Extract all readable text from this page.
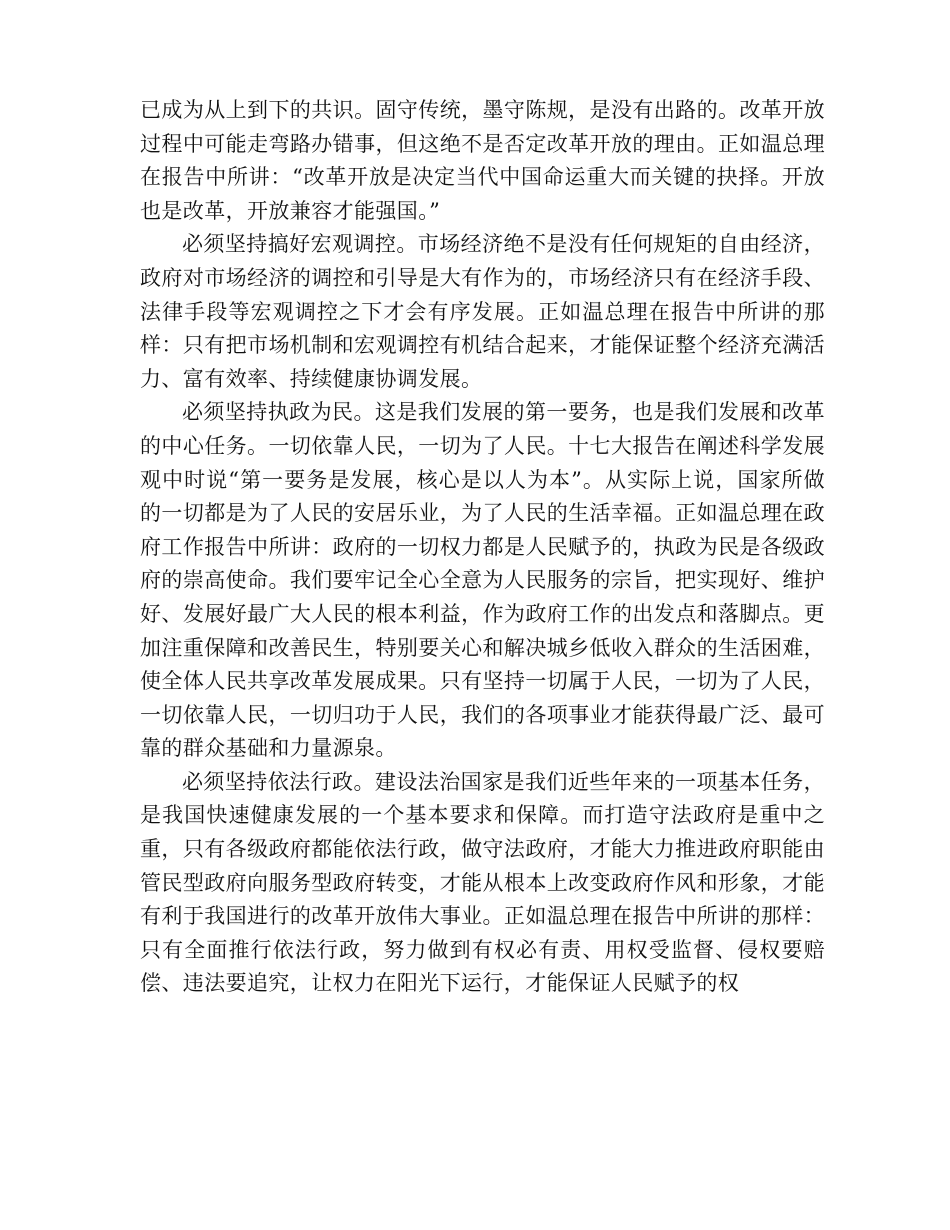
已成为从上到下的共识。固守传统，墨守陈规，是没有出路的。改革开放过程中可能走弯路办错事，但这绝不是否定改革开放的理由。正如温总理在报告中所讲：“改革开放是决定当代中国命运重大而关键的抉择。开放也是改革，开放兼容才能强国。”

必须坚持搞好宏观调控。市场经济绝不是没有任何规矩的自由经济，政府对市场经济的调控和引导是大有作为的，市场经济只有在经济手段、法律手段等宏观调控之下才会有序发展。正如温总理在报告中所讲的那样：只有把市场机制和宏观调控有机结合起来，才能保证整个经济充满活力、富有效率、持续健康协调发展。

必须坚持执政为民。这是我们发展的第一要务，也是我们发展和改革的中心任务。一切依靠人民，一切为了人民。十七大报告在阐述科学发展观中时说“第一要务是发展，核心是以人为本”。从实际上说，国家所做的一切都是为了人民的安居乐业，为了人民的生活幸福。正如温总理在政府工作报告中所讲：政府的一切权力都是人民赋予的，执政为民是各级政府的崇高使命。我们要牢记全心全意为人民服务的宗旨，把实现好、维护好、发展好最广大人民的根本利益，作为政府工作的出发点和落脚点。更加注重保障和改善民生，特别要关心和解决城乡低收入群众的生活困难，使全体人民共享改革发展成果。只有坚持一切属于人民，一切为了人民，一切依靠人民，一切归功于人民，我们的各项事业才能获得最广泛、最可靠的群众基础和力量源泉。

必须坚持依法行政。建设法治国家是我们近些年来的一项基本任务，是我国快速健康发展的一个基本要求和保障。而打造守法政府是重中之重，只有各级政府都能依法行政，做守法政府，才能大力推进政府职能由管民型政府向服务型政府转变，才能从根本上改变政府作风和形象，才能有利于我国进行的改革开放伟大事业。正如温总理在报告中所讲的那样：只有全面推行依法行政，努力做到有权必有责、用权受监督、侵权要赔偿、违法要追究，让权力在阳光下运行，才能保证人民赋予的权
